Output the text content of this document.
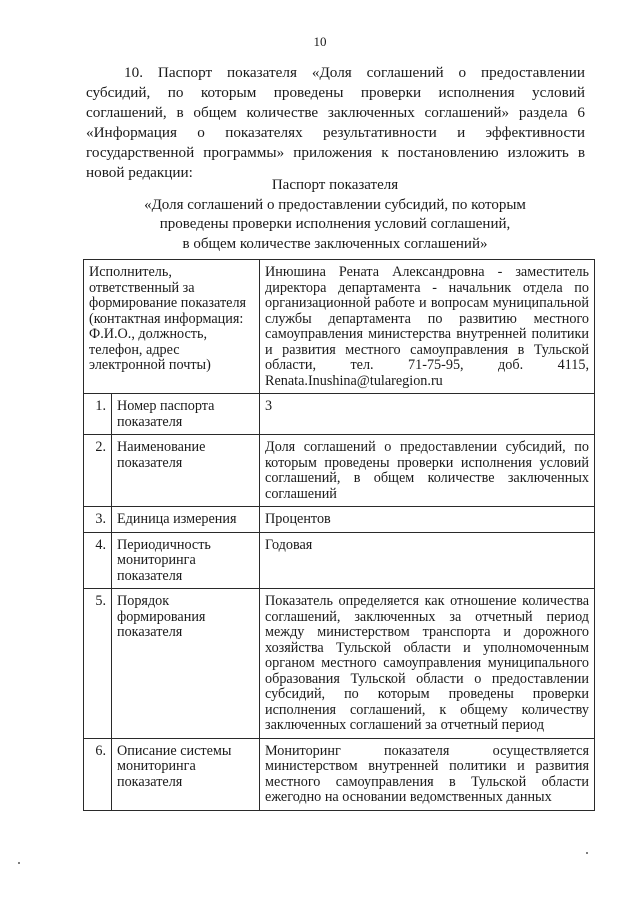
10

10. Паспорт показателя «Доля соглашений о предоставлении субсидий, по которым проведены проверки исполнения условий соглашений, в общем количестве заключенных соглашений» раздела 6 «Информация о показателях результативности и эффективности государственной программы» приложения к постановлению изложить в новой редакции:

Паспорт показателя
«Доля соглашений о предоставлении субсидий, по которым
проведены проверки исполнения условий соглашений,
в общем количестве заключенных соглашений»
Исполнитель, ответственный за формирование показателя (контактная информация: Ф.И.О., должность, телефон, адрес электронной почты)		Инюшина Рената Александровна - заместитель директора департамента - начальник отдела по организационной работе и вопросам муниципальной службы департамента по развитию местного самоуправления министерства внутренней политики и развития местного самоуправления в Тульской области, тел. 71-75-95, доб. 4115, Renata.Inushina@tularegion.ru
1.	Номер паспорта показателя	3
2.	Наименование показателя	Доля соглашений о предоставлении субсидий, по которым проведены проверки исполнения условий соглашений, в общем количестве заключенных соглашений
3.	Единица измерения	Процентов
4.	Периодичность мониторинга показателя	Годовая
5.	Порядок формирования показателя	Показатель определяется как отношение количества соглашений, заключенных за отчетный период между министерством транспорта и дорожного хозяйства Тульской области и уполномоченным органом местного самоуправления муниципального образования Тульской области о предоставлении субсидий, по которым проведены проверки исполнения соглашений, к общему количеству заключенных соглашений за отчетный период
6.	Описание системы мониторинга показателя	Мониторинг показателя осуществляется министерством внутренней политики и развития местного самоуправления в Тульской области ежегодно на основании ведомственных данных
